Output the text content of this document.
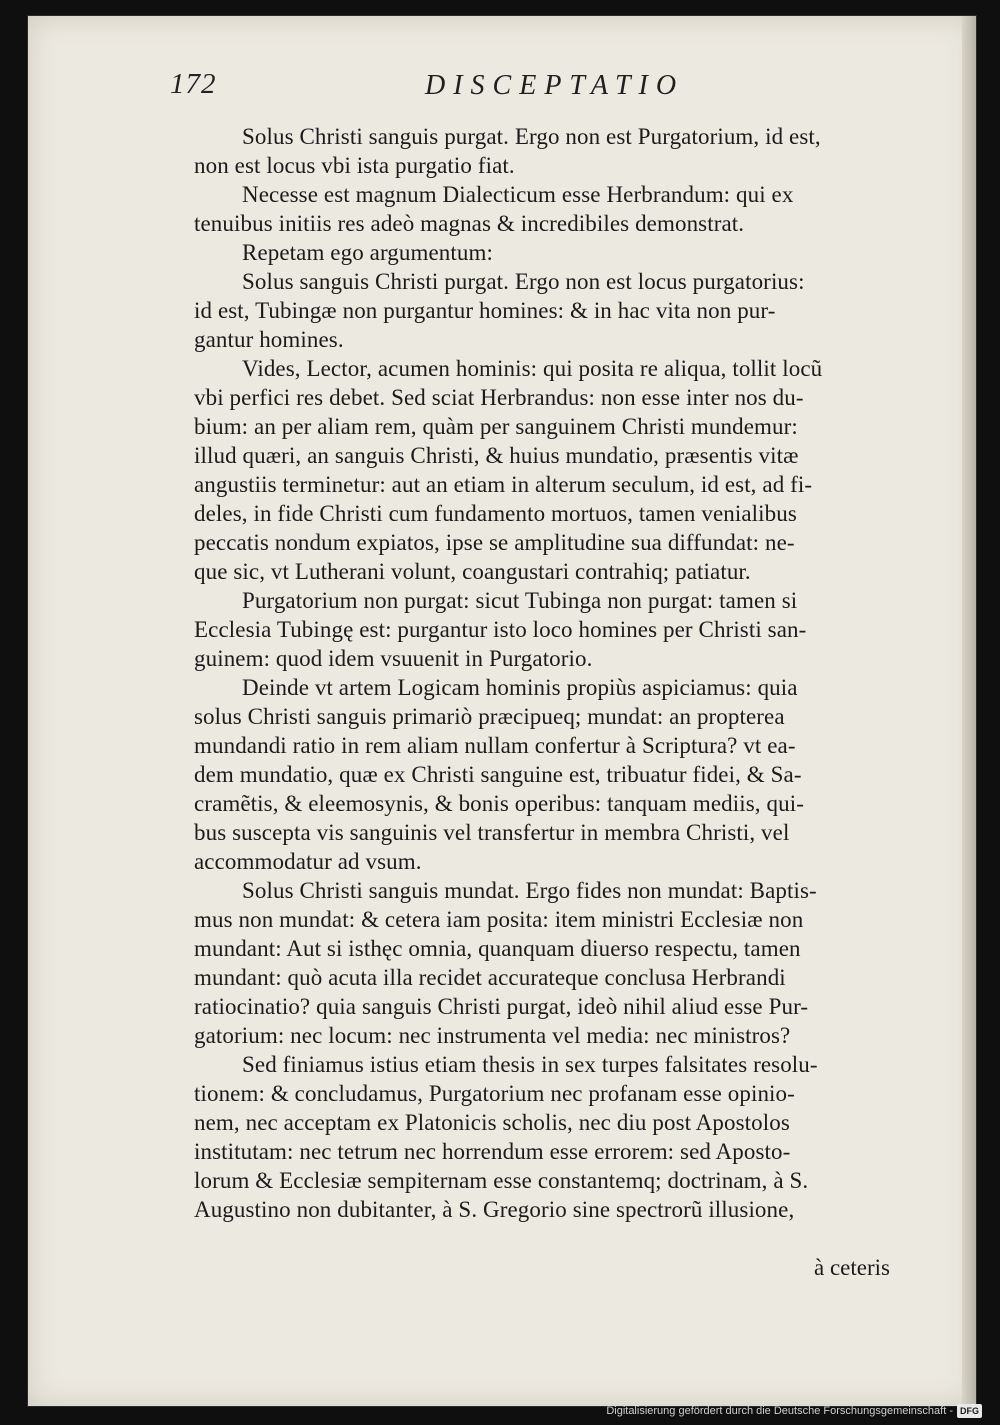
172	DISCEPTATIO
Solus Christi sanguis purgat. Ergo non est Purgatorium, id est,
non est locus vbi ista purgatio fiat.
Necesse est magnum Dialecticum esse Herbrandum: qui ex
tenuibus initiis res adeò magnas & incredibiles demonstrat.
Repetam ego argumentum:
Solus sanguis Christi purgat. Ergo non est locus purgatorius:
id est, Tubingæ non purgantur homines: & in hac vita non pur-
gantur homines.
Vides, Lector, acumen hominis: qui posita re aliqua, tollit locũ
vbi perfici res debet. Sed sciat Herbrandus: non esse inter nos du-
bium: an per aliam rem, quàm per sanguinem Christi mundemur:
illud quæri, an sanguis Christi, & huius mundatio, præsentis vitæ
angustiis terminetur: aut an etiam in alterum seculum, id est, ad fi-
deles, in fide Christi cum fundamento mortuos, tamen venialibus
peccatis nondum expiatos, ipse se amplitudine sua diffundat: ne-
que sic, vt Lutherani volunt, coangustari contrahiq; patiatur.
Purgatorium non purgat: sicut Tubinga non purgat: tamen si
Ecclesia Tubingę est: purgantur isto loco homines per Christi san-
guinem: quod idem vsuuenit in Purgatorio.
Deinde vt artem Logicam hominis propiùs aspiciamus: quia
solus Christi sanguis primariò præcipueq; mundat: an propterea
mundandi ratio in rem aliam nullam confertur à Scriptura? vt ea-
dem mundatio, quæ ex Christi sanguine est, tribuatur fidei, & Sa-
cramẽtis, & eleemosynis, & bonis operibus: tanquam mediis, qui-
bus suscepta vis sanguinis vel transfertur in membra Christi, vel
accommodatur ad vsum.
Solus Christi sanguis mundat. Ergo fides non mundat: Baptis-
mus non mundat: & cetera iam posita: item ministri Ecclesiæ non
mundant: Aut si isthęc omnia, quanquam diuerso respectu, tamen
mundant: quò acuta illa recidet accurateque conclusa Herbrandi
ratiocinatio? quia sanguis Christi purgat, ideò nihil aliud esse Pur-
gatorium: nec locum: nec instrumenta vel media: nec ministros?
Sed finiamus istius etiam thesis in sex turpes falsitates resolu-
tionem: & concludamus, Purgatorium nec profanam esse opinio-
nem, nec acceptam ex Platonicis scholis, nec diu post Apostolos
institutam: nec tetrum nec horrendum esse errorem: sed Aposto-
lorum & Ecclesiæ sempiternam esse constantemq; doctrinam, à S.
Augustino non dubitanter, à S. Gregorio sine spectrorũ illusione,
à ceteris
Digitalisierung gefördert durch die Deutsche Forschungsgemeinschaft - DFG
